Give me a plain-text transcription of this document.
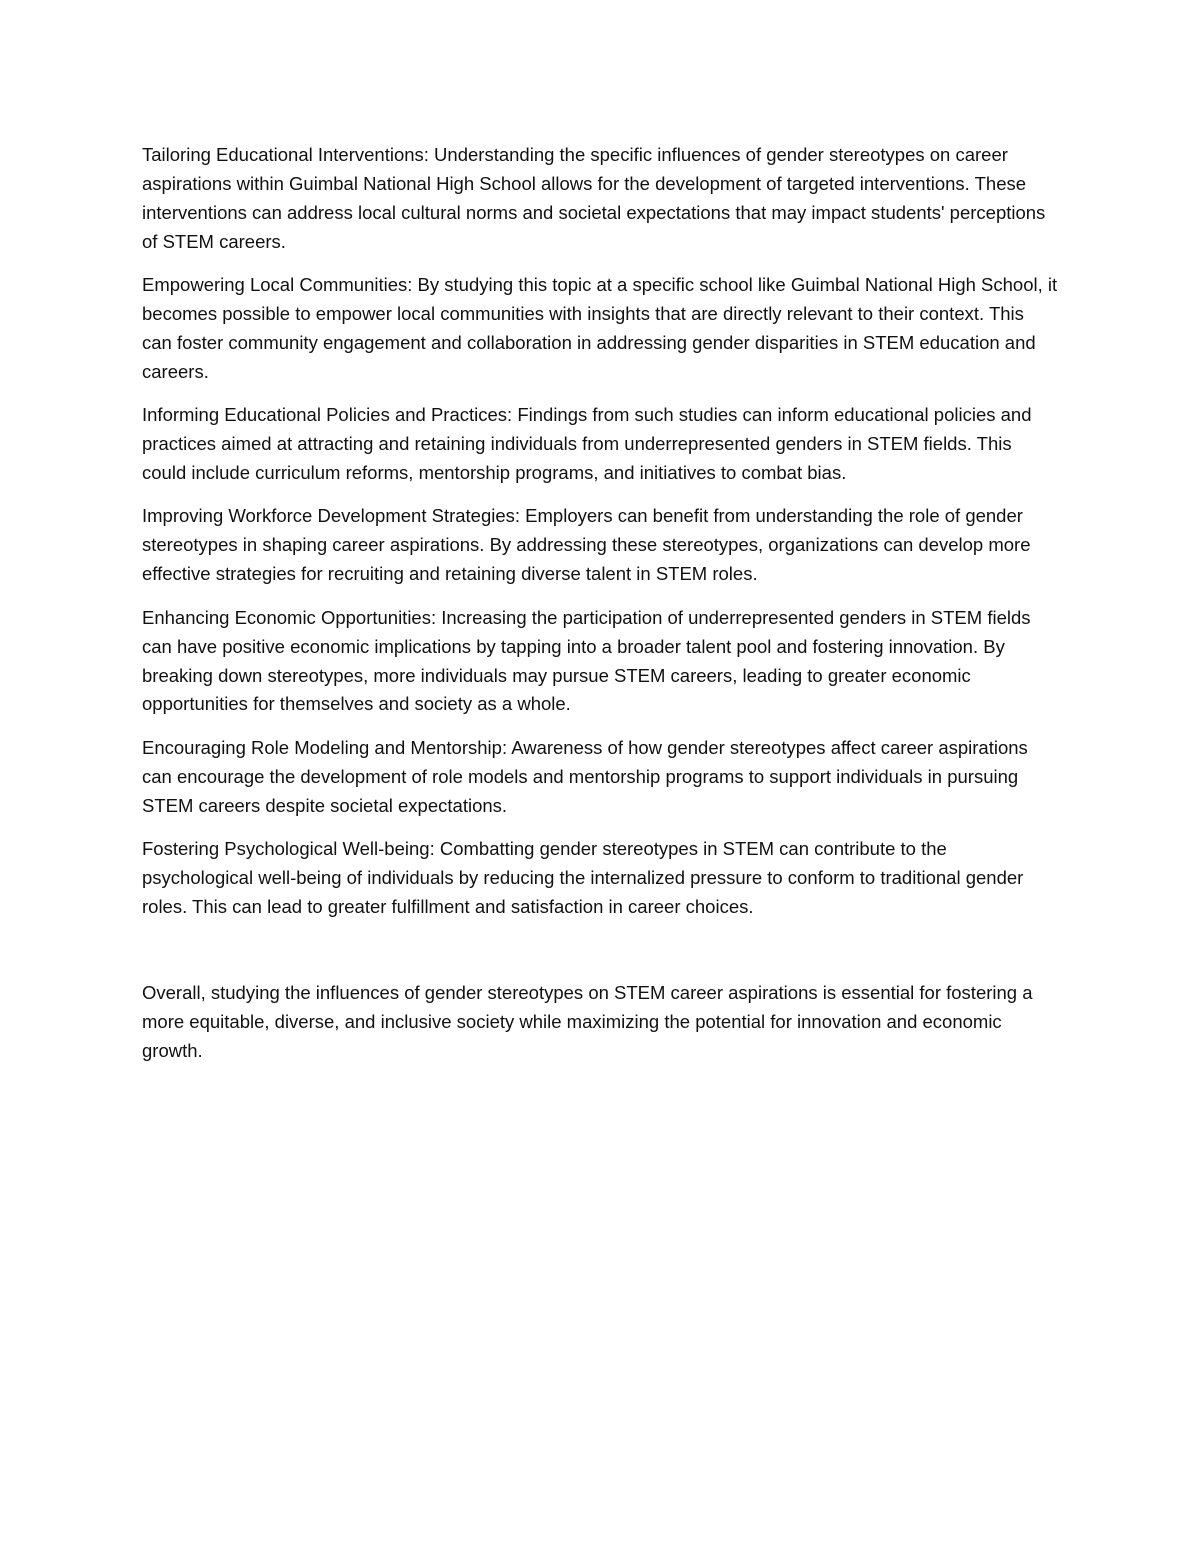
Tailoring Educational Interventions: Understanding the specific influences of gender stereotypes on career aspirations within Guimbal National High School allows for the development of targeted interventions. These interventions can address local cultural norms and societal expectations that may impact students' perceptions of STEM careers.

Empowering Local Communities: By studying this topic at a specific school like Guimbal National High School, it becomes possible to empower local communities with insights that are directly relevant to their context. This can foster community engagement and collaboration in addressing gender disparities in STEM education and careers.

Informing Educational Policies and Practices: Findings from such studies can inform educational policies and practices aimed at attracting and retaining individuals from underrepresented genders in STEM fields. This could include curriculum reforms, mentorship programs, and initiatives to combat bias.

Improving Workforce Development Strategies: Employers can benefit from understanding the role of gender stereotypes in shaping career aspirations. By addressing these stereotypes, organizations can develop more effective strategies for recruiting and retaining diverse talent in STEM roles.

Enhancing Economic Opportunities: Increasing the participation of underrepresented genders in STEM fields can have positive economic implications by tapping into a broader talent pool and fostering innovation. By breaking down stereotypes, more individuals may pursue STEM careers, leading to greater economic opportunities for themselves and society as a whole.

Encouraging Role Modeling and Mentorship: Awareness of how gender stereotypes affect career aspirations can encourage the development of role models and mentorship programs to support individuals in pursuing STEM careers despite societal expectations.

Fostering Psychological Well-being: Combatting gender stereotypes in STEM can contribute to the psychological well-being of individuals by reducing the internalized pressure to conform to traditional gender roles. This can lead to greater fulfillment and satisfaction in career choices.

Overall, studying the influences of gender stereotypes on STEM career aspirations is essential for fostering a more equitable, diverse, and inclusive society while maximizing the potential for innovation and economic growth.
